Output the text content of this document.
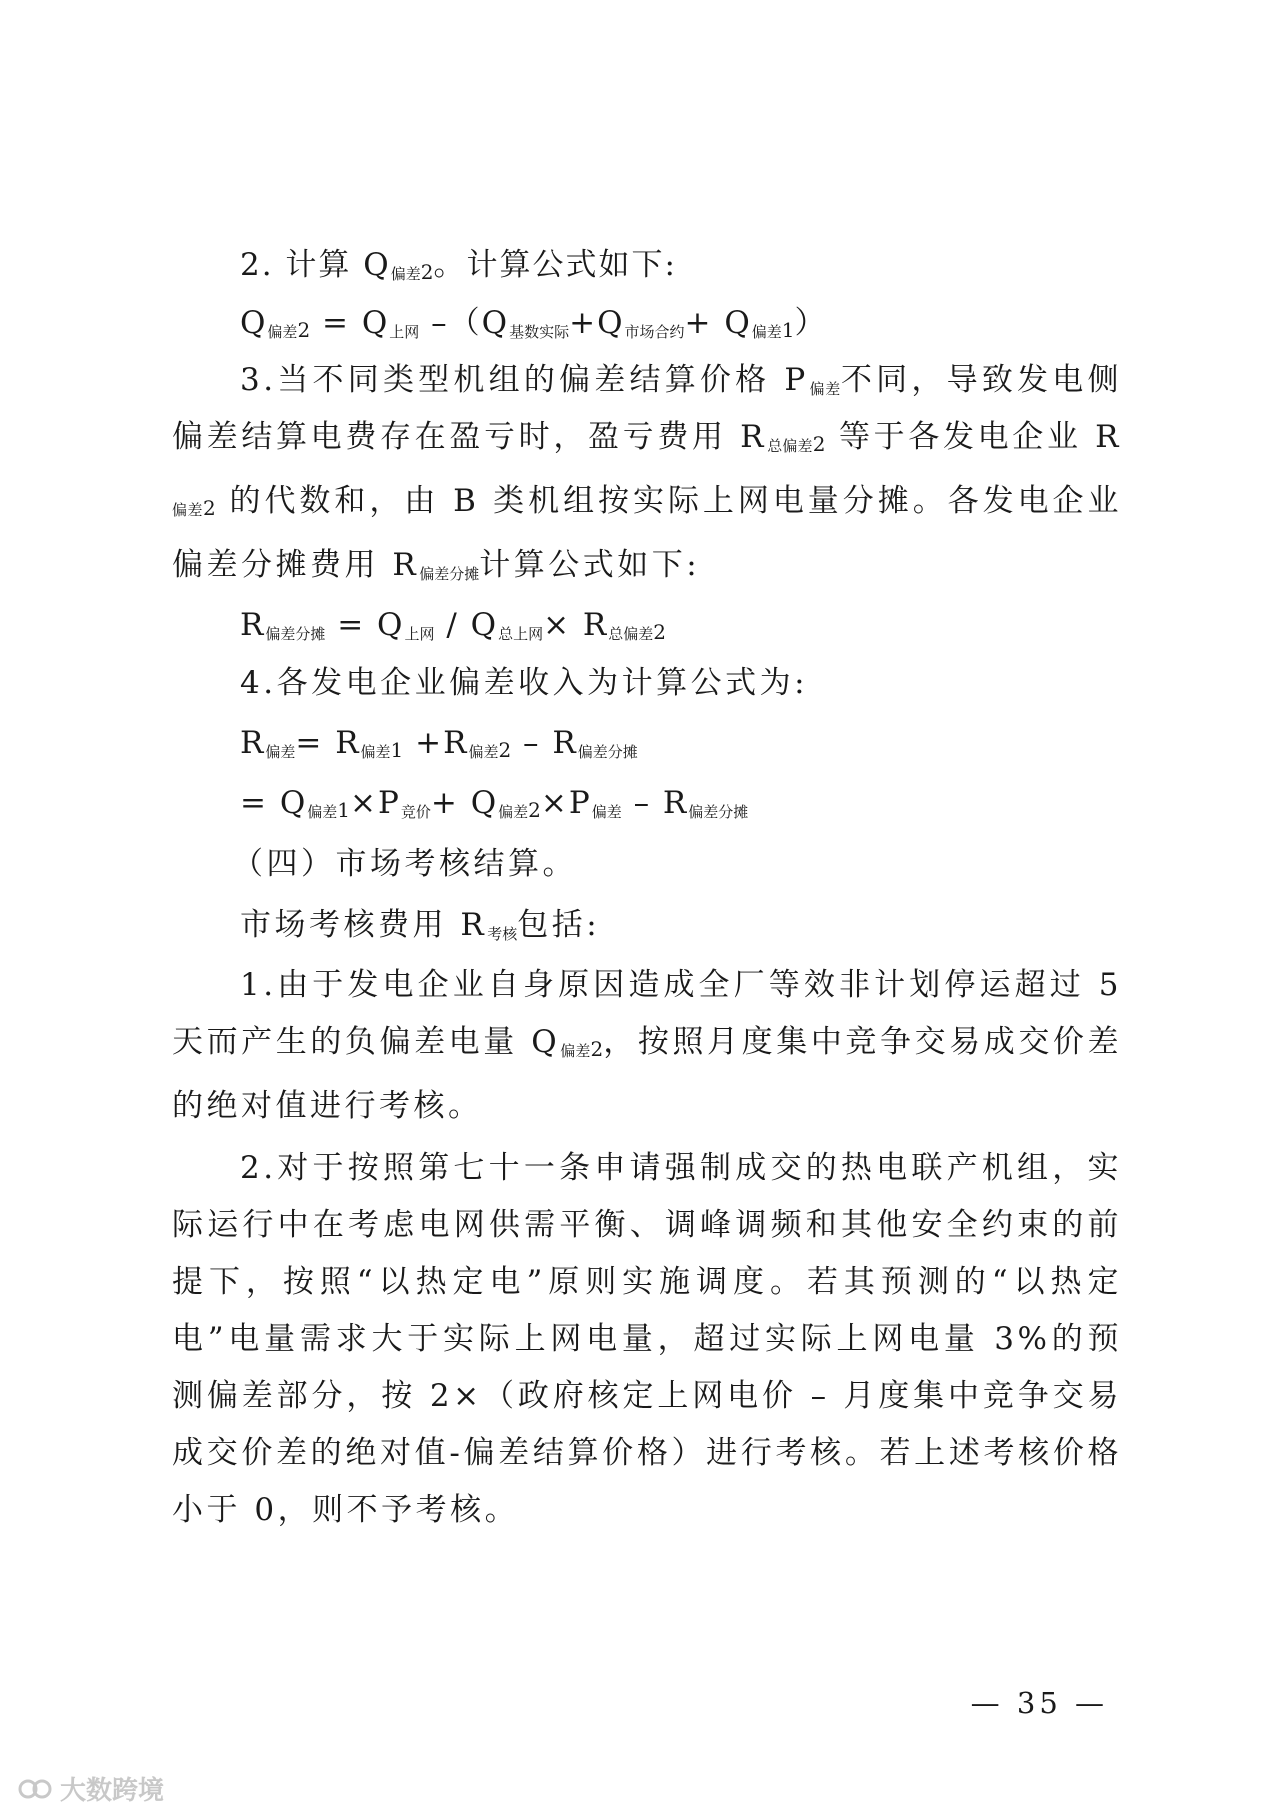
2. 计算 $Q_{偏差}2$。计算公式如下:
$Q_{偏差}2 = Q_{上网}$ $-(Q_{基数实际}+Q_{市场合约}+ Q_{偏差}1)$
3.当不同类型机组的偏差结算价格 $P_{偏差}$不同，导致发电侧偏差结算电费存在盈亏时，盈亏费用 $R_{总偏差}2$ 等于各发电企业 $R_{偏差}2$ 的代数和，由 B 类机组按实际上网电量分摊。各发电企业偏差分摊费用 $R_{偏差分摊}$计算公式如下:
$R_{偏差分摊} = Q_{上网} / Q_{总上网}\times R_{总偏差}2$
4.各发电企业偏差收入为计算公式为:
$R_{偏差}= R_{偏差}1 +R_{偏差}2 - R_{偏差分摊}$
= $Q_{偏差}1\times P_{竞价}+ Q_{偏差}2\times P_{偏差} - R_{偏差分摊}$
（四）市场考核结算。
市场考核费用 $R_{考核}$包括:
1.由于发电企业自身原因造成全厂等效非计划停运超过 5 天而产生的负偏差电量 $Q_{偏差}2$，按照月度集中竞争交易成交价差的绝对值进行考核。
2.对于按照第七十一条申请强制成交的热电联产机组，实际运行中在考虑电网供需平衡、调峰调频和其他安全约束的前提下，按照“以热定电”原则实施调度。若其预测的“以热定电”电量需求大于实际上网电量，超过实际上网电量 3%的预测偏差部分，按 2×（政府核定上网电价 – 月度集中竞争交易成交价差的绝对值-偏差结算价格）进行考核。若上述考核价格小于 0，则不予考核。
— 35 —
大数跨境
